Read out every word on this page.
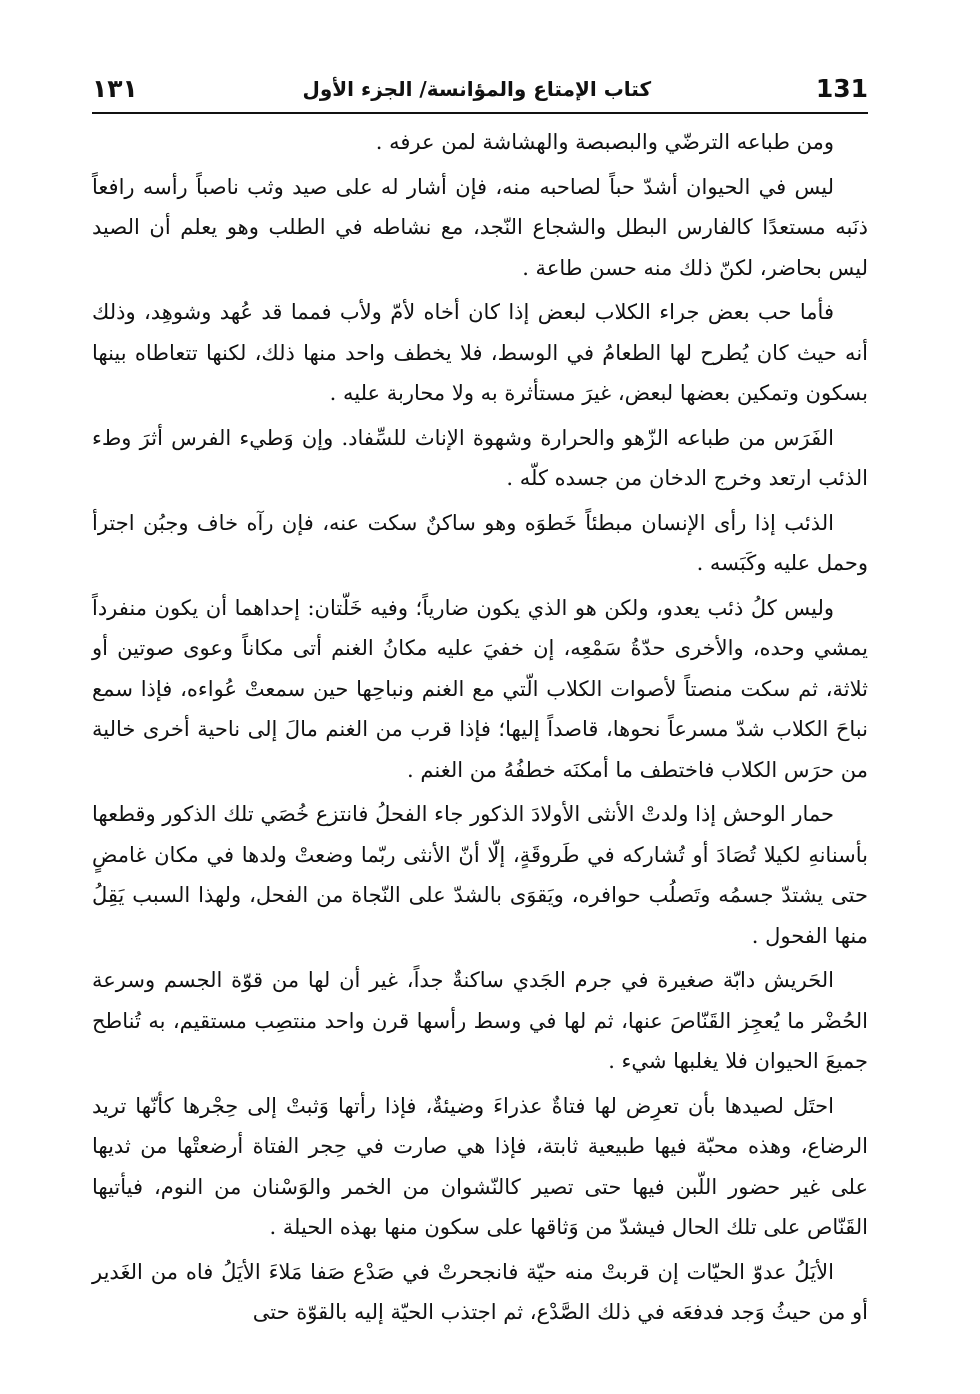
131
كتاب الإمتاع والمؤانسة/ الجزء الأول
١٣١

ومن طباعه الترضّي والبصبصة والهشاشة لمن عرفه .

ليس في الحيوان أشدّ حباً لصاحبه منه، فإن أشار له على صيد وثب ناصباً رأسه رافعاً ذنَبه مستعدًا كالفارس البطل والشجاع النّجد، مع نشاطه في الطلب وهو يعلم أن الصيد ليس بحاضر، لكنّ ذلك منه حسن طاعة .

فأما حب بعض جراء الكلاب لبعض إذا كان أخاه لأمّ ولأب فمما قد عُهد وشوهِد، وذلك أنه حيث كان يُطرح لها الطعامُ في الوسط، فلا يخطف واحد منها ذلك، لكنها تتعاطاه بينها بسكون وتمكين بعضها لبعض، غيرَ مستأثرة به ولا محاربة عليه .

الفَرَس من طباعه الزّهو والحرارة وشهوة الإناث للسِّفاد. وإن وَطيء الفرس أثرَ وطء الذئب ارتعد وخرج الدخان من جسده كلّه .

الذئب إذا رأى الإنسان مبطئاً خَطوَه وهو ساكنٌ سكت عنه، فإن رآه خاف وجبُن اجترأ وحمل عليه وكَبَسه .

وليس كلُ ذئب يعدو، ولكن هو الذي يكون ضارياً؛ وفيه خَلّتان: إحداهما أن يكون منفرداً يمشي وحده، والأخرى حدّةُ سَمْعِه، إن خفيَ عليه مكانُ الغنم أتى مكاناً وعوى صوتين أو ثلاثة، ثم سكت منصتاً لأصوات الكلاب الّتي مع الغنم ونباحِها حين سمعتْ عُواءه، فإذا سمع نباحَ الكلاب شدّ مسرعاً نحوها، قاصداً إليها؛ فإذا قرب من الغنم مالَ إلى ناحية أخرى خالية من حرَس الكلاب فاختطف ما أمكنَه خطفُهُ من الغنم .

حمار الوحش إذا ولدتْ الأنثى الأولادَ الذكور جاء الفحلُ فانتزع خُصَي تلك الذكور وقطعها بأسنانهِ لكيلا تُصَادَ أو تُشاركه في طَروقَةٍ، إلّا أنّ الأنثى ربّما وضعتْ ولدها في مكان غامضٍ حتى يشتدّ جسمُه وتَصلُب حوافره، ويَقوَى بالشدّ على النّجاة من الفحل، ولهذا السبب يَقِلُ منها الفحول .

الحَريش دابّة صغيرة في جرم الجَدي ساكنةٌ جداً، غير أن لها من قوّة الجسم وسرعة الحُضْر ما يُعجِز القَنّاصَ عنها، ثم لها في وسط رأسها قرن واحد منتصِب مستقيم، به تُناطح جميعَ الحيوان فلا يغلبها شيء .

احتَل لصيدها بأن تعرِض لها فتاةٌ عذراءَ وضيئةٌ، فإذا رأتها وَثبتْ إلى حِجْرها كأنّها تريد الرضاع، وهذه محبّة فيها طبيعية ثابتة، فإذا هي صارت في حِجر الفتاة أرضعتْها من ثديها على غير حضور اللّبن فيها حتى تصير كالنّشوان من الخمر والوَسْنان من النوم، فيأتيها القَنّاص على تلك الحال فيشدّ من وَثاقها على سكون منها بهذه الحيلة .

الأيَلُ عدوّ الحيّات إن قربتْ منه حيّة فانجحرتْ في صَدْع صَفا مَلاءَ الأيَلُ فاه من الغَدير أو من حيثُ وَجد فدفعَه في ذلك الصَّدْع، ثم اجتذب الحيّة إليه بالقوّة حتى
